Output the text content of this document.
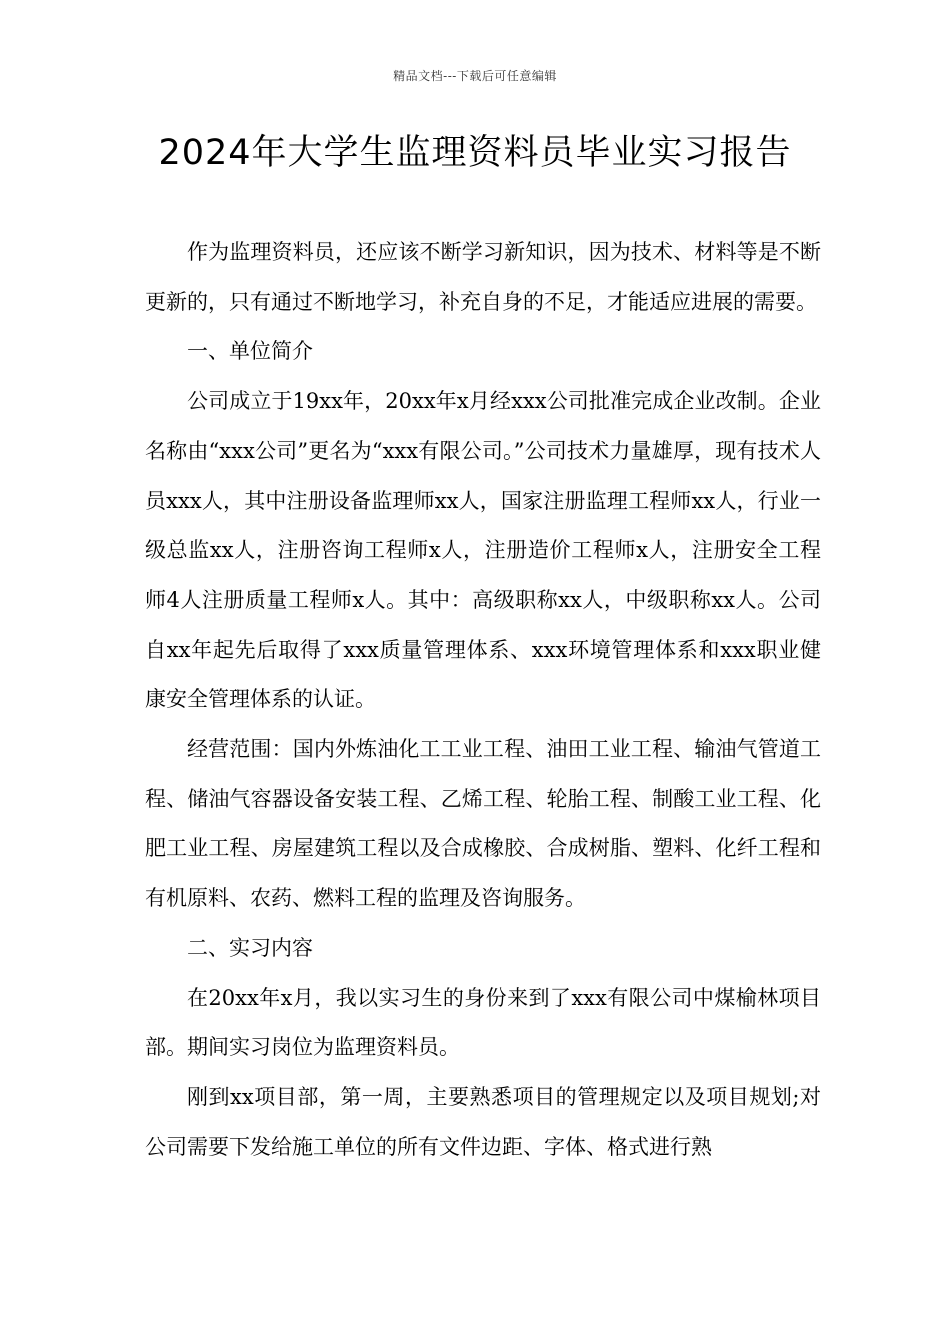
精品文档---下载后可任意编辑
2024年大学生监理资料员毕业实习报告

作为监理资料员，还应该不断学习新知识，因为技术、材料等是不断更新的，只有通过不断地学习，补充自身的不足，才能适应进展的需要。

一、单位简介

公司成立于19xx年，20xx年x月经xxx公司批准完成企业改制。企业名称由“xxx公司”更名为“xxx有限公司。”公司技术力量雄厚，现有技术人员xxx人，其中注册设备监理师xx人，国家注册监理工程师xx人，行业一级总监xx人，注册咨询工程师x人，注册造价工程师x人，注册安全工程师4人注册质量工程师x人。其中：高级职称xx人，中级职称xx人。公司自xx年起先后取得了xxx质量管理体系、xxx环境管理体系和xxx职业健康安全管理体系的认证。

经营范围：国内外炼油化工工业工程、油田工业工程、输油气管道工程、储油气容器设备安装工程、乙烯工程、轮胎工程、制酸工业工程、化肥工业工程、房屋建筑工程以及合成橡胶、合成树脂、塑料、化纤工程和有机原料、农药、燃料工程的监理及咨询服务。

二、实习内容

在20xx年x月，我以实习生的身份来到了xxx有限公司中煤榆林项目部。期间实习岗位为监理资料员。

刚到xx项目部，第一周，主要熟悉项目的管理规定以及项目规划;对公司需要下发给施工单位的所有文件边距、字体、格式进行熟
